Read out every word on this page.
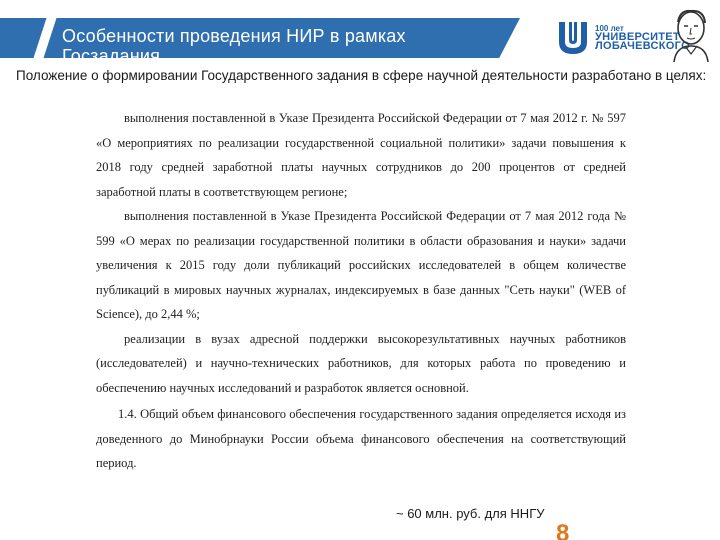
Особенности проведения НИР в рамках Госзадания
100 лет
УНИВЕРСИТЕТ
ЛОБАЧЕВСКОГО
Положение о формировании Государственного задания в сфере научной деятельности разработано в целях:

выполнения поставленной в Указе Президента Российской Федерации от 7 мая 2012 г. № 597 «О мероприятиях по реализации государственной социальной политики» задачи повышения к 2018 году средней заработной платы научных сотрудников до 200 процентов от средней заработной платы в соответствующем регионе;

выполнения поставленной в Указе Президента Российской Федерации от 7 мая 2012 года № 599 «О мерах по реализации государственной политики в области образования и науки» задачи увеличения к 2015 году доли публикаций российских исследователей в общем количестве публикаций в мировых научных журналах, индексируемых в базе данных "Сеть науки" (WEB of Science), до 2,44 %;

реализации в вузах адресной поддержки высокорезультативных научных работников (исследователей) и научно-технических работников, для которых работа по проведению и обеспечению научных исследований и разработок является основной.

1.4. Общий объем финансового обеспечения государственного задания определяется исходя из доведенного до Минобрнауки России объема финансового обеспечения на соответствующий период.

~ 60 млн. руб. для ННГУ
8
